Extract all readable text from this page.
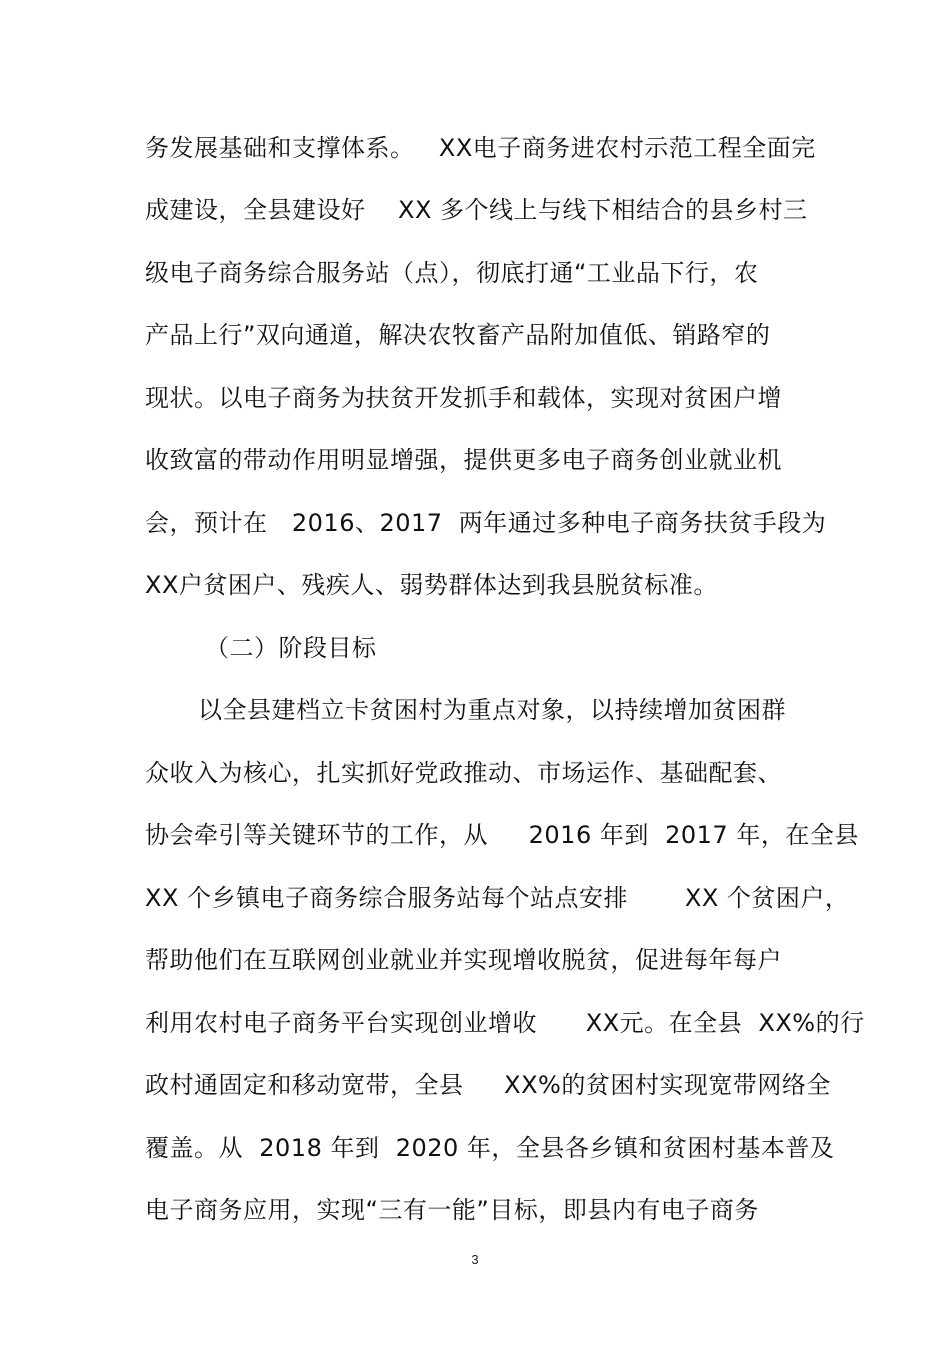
务发展基础和支撑体系。   XX电子商务进农村示范工程全面完
成建设，全县建设好    XX 多个线上与线下相结合的县乡村三
级电子商务综合服务站（点），彻底打通“工业品下行，农
产品上行”双向通道，解决农牧畜产品附加值低、销路窄的
现状。以电子商务为扶贫开发抓手和载体，实现对贫困户增
收致富的带动作用明显增强，提供更多电子商务创业就业机
会，预计在   2016、2017  两年通过多种电子商务扶贫手段为
XX户贫困户、残疾人、弱势群体达到我县脱贫标准。
（二）阶段目标
以全县建档立卡贫困村为重点对象，以持续增加贫困群
众收入为核心，扎实抓好党政推动、市场运作、基础配套、
协会牵引等关键环节的工作，从     2016 年到  2017 年，在全县
XX 个乡镇电子商务综合服务站每个站点安排       XX 个贫困户，
帮助他们在互联网创业就业并实现增收脱贫，促进每年每户
利用农村电子商务平台实现创业增收      XX元。在全县  XX%的行
政村通固定和移动宽带，全县     XX%的贫困村实现宽带网络全
覆盖。从  2018 年到  2020 年，全县各乡镇和贫困村基本普及
电子商务应用，实现“三有一能”目标，即县内有电子商务
3
